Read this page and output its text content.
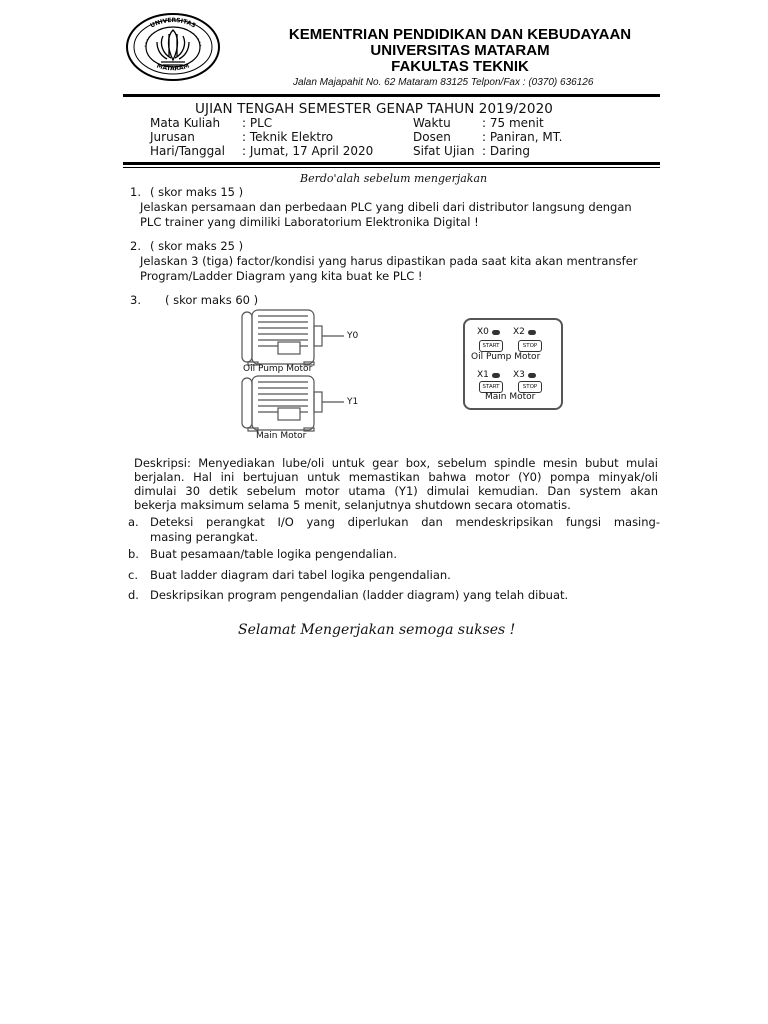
UNIVERSITAS
MATARAM
KEMENTRIAN PENDIDIKAN DAN KEBUDAYAAN
UNIVERSITAS MATARAM
FAKULTAS TEKNIK
Jalan Majapahit No. 62 Mataram 83125 Telpon/Fax : (0370) 636126
UJIAN TENGAH SEMESTER GENAP TAHUN 2019/2020
Mata Kuliah : PLC	Waktu	: 75 menit
Jurusan	: Teknik Elektro	Dosen	: Paniran, MT.
Hari/Tanggal : Jumat, 17 April 2020	Sifat Ujian : Daring
Berdo'alah sebelum mengerjakan
1. ( skor maks 15 )
Jelaskan persamaan dan perbedaan PLC yang dibeli dari distributor langsung dengan
PLC trainer yang dimiliki Laboratorium Elektronika Digital !
2. ( skor maks 25 )
Jelaskan 3 (tiga) factor/kondisi yang harus dipastikan pada saat kita akan mentransfer
Program/Ladder Diagram yang kita buat ke PLC !
3. ( skor maks 60 )
Y0
Oil Pump Motor
Y1
Main Motor
X0	X2
START	STOP
Oil Pump Motor
X1	X3
START	STOP
Main Motor
Deskripsi: Menyediakan lube/oli untuk gear box, sebelum spindle mesin bubut mulai
berjalan. Hal ini bertujuan untuk memastikan bahwa motor (Y0) pompa minyak/oli
dimulai 30 detik sebelum motor utama (Y1) dimulai kemudian. Dan system akan
bekerja maksimum selama 5 menit, selanjutnya shutdown secara otomatis.
a. Deteksi perangkat I/O yang diperlukan dan mendeskripsikan fungsi masing-
masing perangkat.
b. Buat pesamaan/table logika pengendalian.
c.	Buat ladder diagram dari tabel logika pengendalian.
d. Deskripsikan program pengendalian (ladder diagram) yang telah dibuat.
Selamat Mengerjakan semoga sukses !
